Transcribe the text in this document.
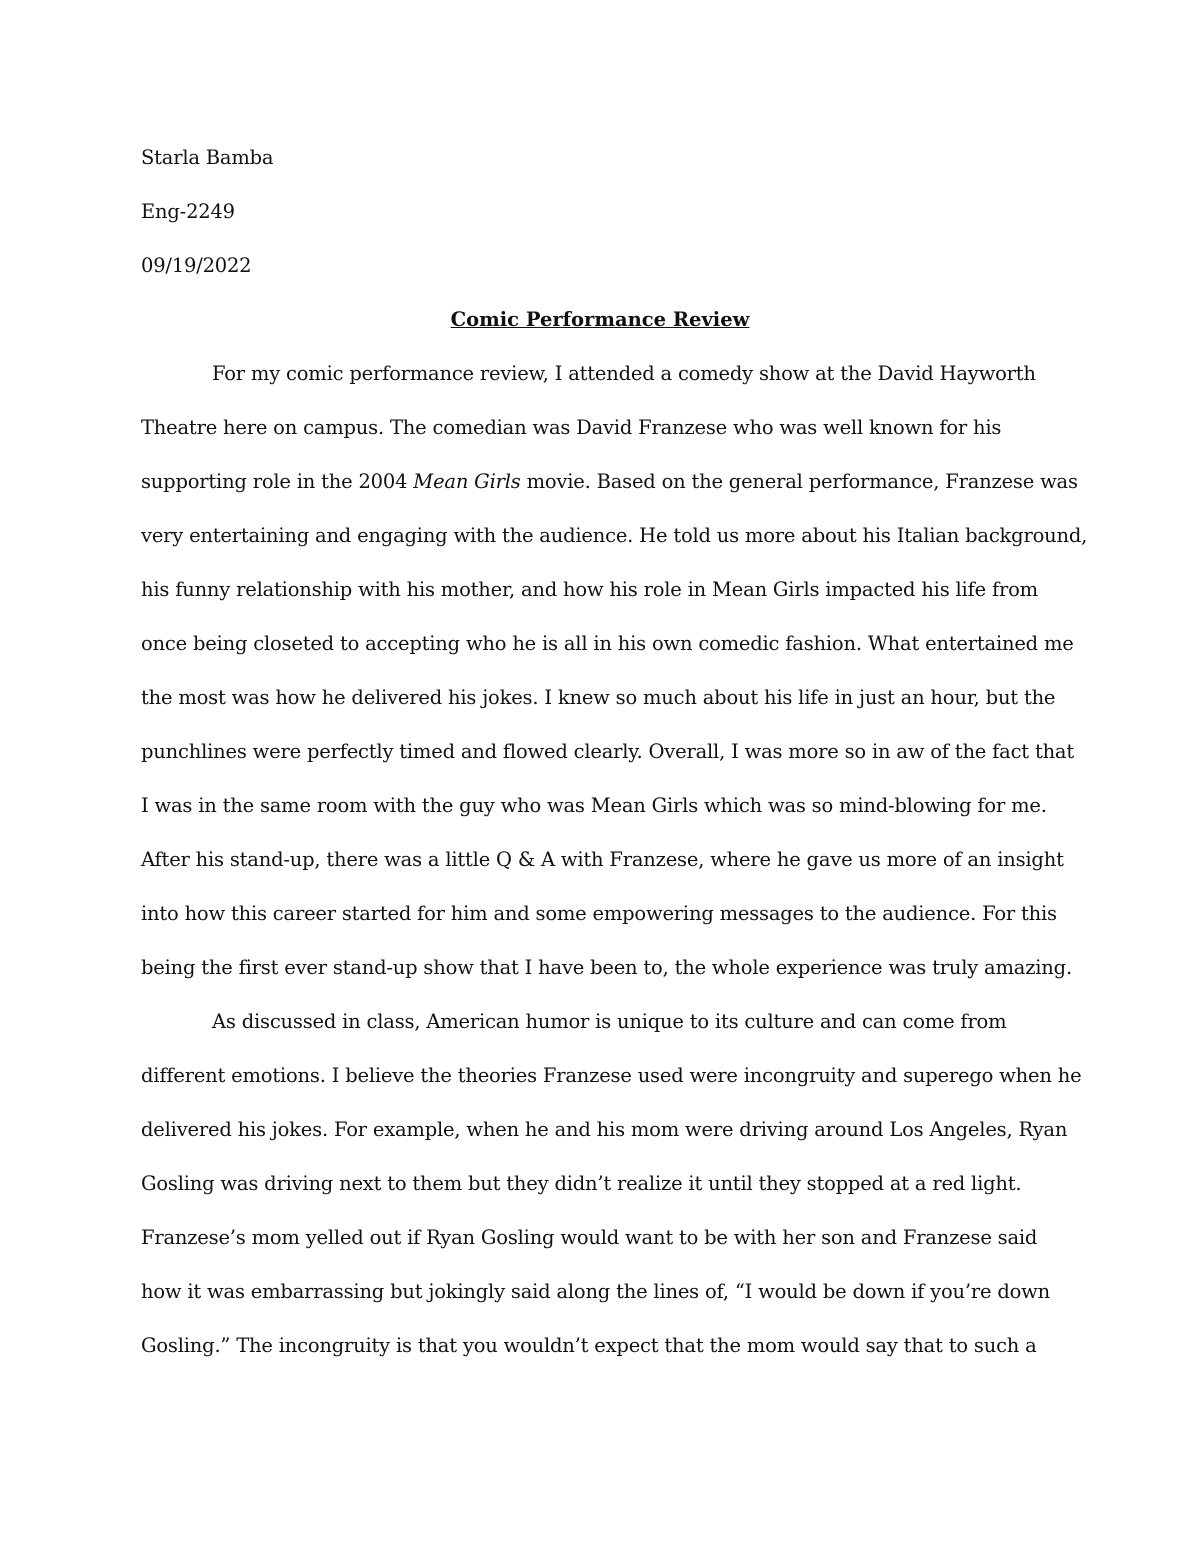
Starla Bamba
Eng-2249
09/19/2022
Comic Performance Review
For my comic performance review, I attended a comedy show at the David Hayworth
Theatre here on campus. The comedian was David Franzese who was well known for his
supporting role in the 2004 Mean Girls movie. Based on the general performance, Franzese was
very entertaining and engaging with the audience. He told us more about his Italian background,
his funny relationship with his mother, and how his role in Mean Girls impacted his life from
once being closeted to accepting who he is all in his own comedic fashion. What entertained me
the most was how he delivered his jokes. I knew so much about his life in just an hour, but the
punchlines were perfectly timed and flowed clearly. Overall, I was more so in aw of the fact that
I was in the same room with the guy who was Mean Girls which was so mind-blowing for me.
After his stand-up, there was a little Q & A with Franzese, where he gave us more of an insight
into how this career started for him and some empowering messages to the audience. For this
being the first ever stand-up show that I have been to, the whole experience was truly amazing.
As discussed in class, American humor is unique to its culture and can come from
different emotions. I believe the theories Franzese used were incongruity and superego when he
delivered his jokes. For example, when he and his mom were driving around Los Angeles, Ryan
Gosling was driving next to them but they didn’t realize it until they stopped at a red light.
Franzese’s mom yelled out if Ryan Gosling would want to be with her son and Franzese said
how it was embarrassing but jokingly said along the lines of, “I would be down if you’re down
Gosling.” The incongruity is that you wouldn’t expect that the mom would say that to such a
